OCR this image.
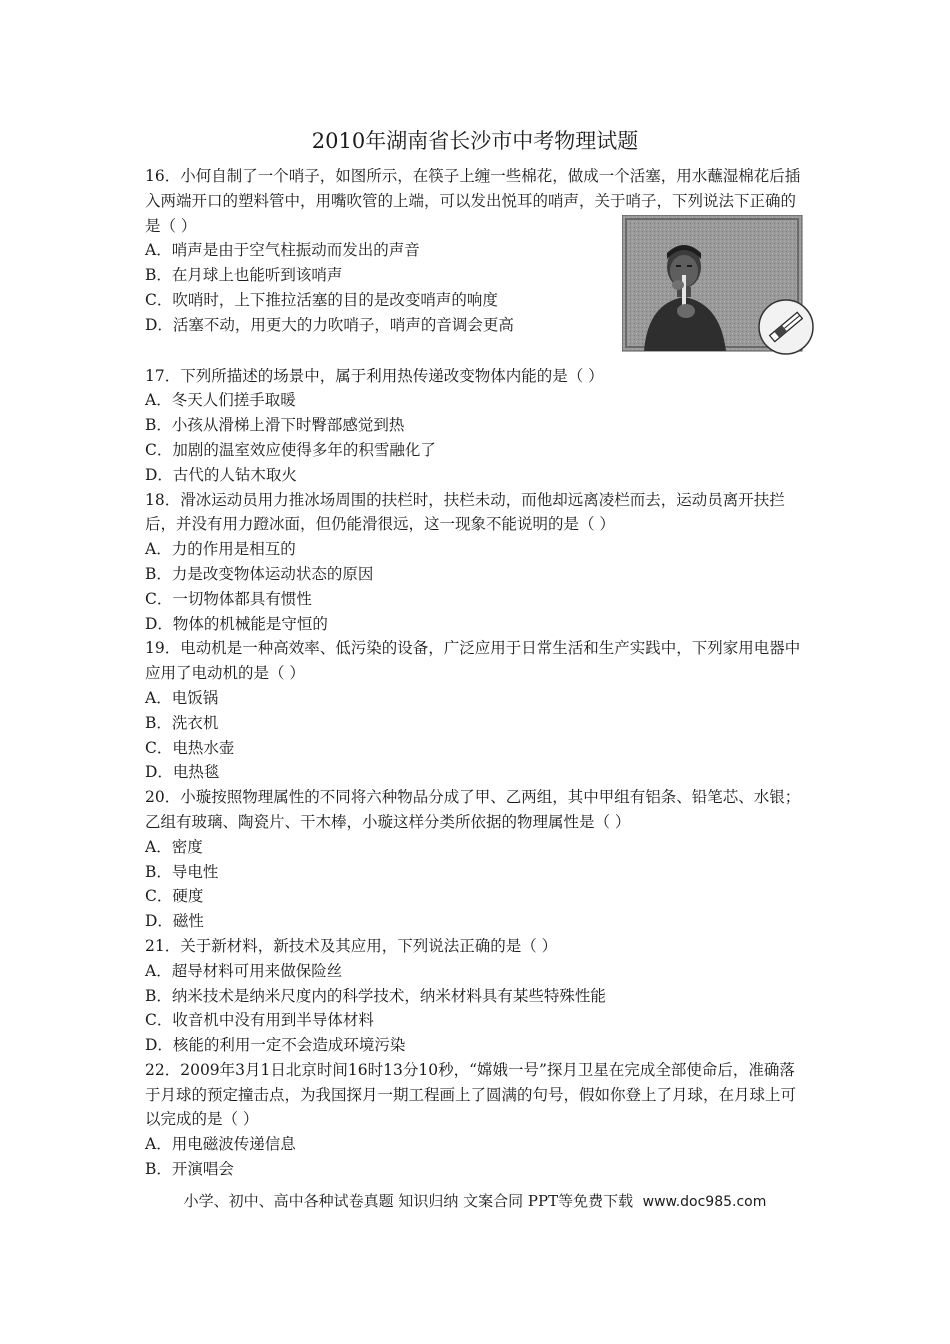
2010年湖南省长沙市中考物理试题

16．小何自制了一个哨子，如图所示，在筷子上缠一些棉花，做成一个活塞，用水蘸湿棉花后插入两端开口的塑料管中，用嘴吹管的上端，可以发出悦耳的哨声，关于哨子，下列说法下正确的是（ ）

A．哨声是由于空气柱振动而发出的声音

B．在月球上也能听到该哨声

C．吹哨时，上下推拉活塞的目的是改变哨声的响度

D．活塞不动，用更大的力吹哨子，哨声的音调会更高

17．下列所描述的场景中，属于利用热传递改变物体内能的是（ ）

A．冬天人们搓手取暖

B．小孩从滑梯上滑下时臀部感觉到热

C．加剧的温室效应使得多年的积雪融化了

D．古代的人钻木取火

18．滑冰运动员用力推冰场周围的扶栏时，扶栏未动，而他却远离凌栏而去，运动员离开扶拦后，并没有用力蹬冰面，但仍能滑很远，这一现象不能说明的是（ ）

A．力的作用是相互的

B．力是改变物体运动状态的原因

C．一切物体都具有惯性

D．物体的机械能是守恒的

19．电动机是一种高效率、低污染的设备，广泛应用于日常生活和生产实践中，下列家用电器中应用了电动机的是（ ）

A．电饭锅

B．洗衣机

C．电热水壶

D．电热毯

20．小璇按照物理属性的不同将六种物品分成了甲、乙两组，其中甲组有铝条、铅笔芯、水银；乙组有玻璃、陶瓷片、干木棒，小璇这样分类所依据的物理属性是（ ）

A．密度

B．导电性

C．硬度

D．磁性

21．关于新材料，新技术及其应用，下列说法正确的是（ ）

A．超导材料可用来做保险丝

B．纳米技术是纳米尺度内的科学技术，纳米材料具有某些特殊性能

C．收音机中没有用到半导体材料

D．核能的利用一定不会造成环境污染

22．2009年3月1日北京时间16时13分10秒，“嫦娥一号”探月卫星在完成全部使命后，准确落于月球的预定撞击点，为我国探月一期工程画上了圆满的句号，假如你登上了月球，在月球上可以完成的是（ ）

A．用电磁波传递信息

B．开演唱会

小学、初中、高中各种试卷真题 知识归纳 文案合同 PPT等免费下载 www.doc985.com
